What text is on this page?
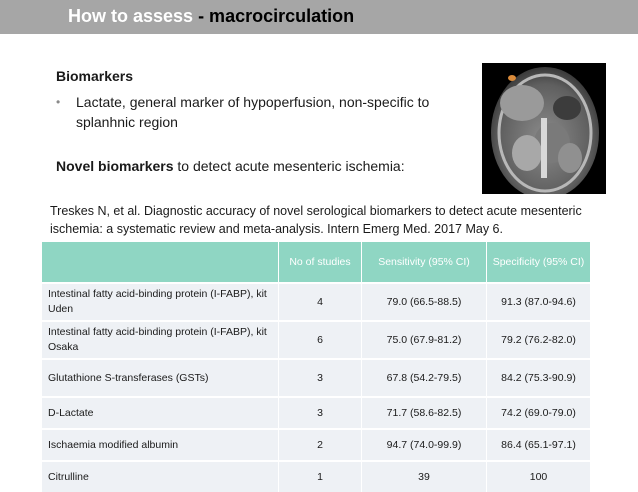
How to assess - macrocirculation
Biomarkers
• Lactate, general marker of hypoperfusion, non-specific to splanhnic region
Novel biomarkers to detect acute mesenteric ischemia:
Treskes N, et al. Diagnostic accuracy of novel serological biomarkers to detect acute mesenteric ischemia: a systematic review and meta-analysis. Intern Emerg Med. 2017 May 6.
	No of studies	Sensitivity (95% CI)	Specificity (95% CI)
Intestinal fatty acid-binding protein (I-FABP), kit Uden	4	79.0 (66.5-88.5)	91.3 (87.0-94.6)
Intestinal fatty acid-binding protein (I-FABP), kit Osaka	6	75.0 (67.9-81.2)	79.2 (76.2-82.0)
Glutathione S-transferases (GSTs)	3	67.8 (54.2-79.5)	84.2 (75.3-90.9)
D-Lactate	3	71.7 (58.6-82.5)	74.2 (69.0-79.0)
Ischaemia modified albumin	2	94.7 (74.0-99.9)	86.4 (65.1-97.1)
Citrulline	1	39	100
